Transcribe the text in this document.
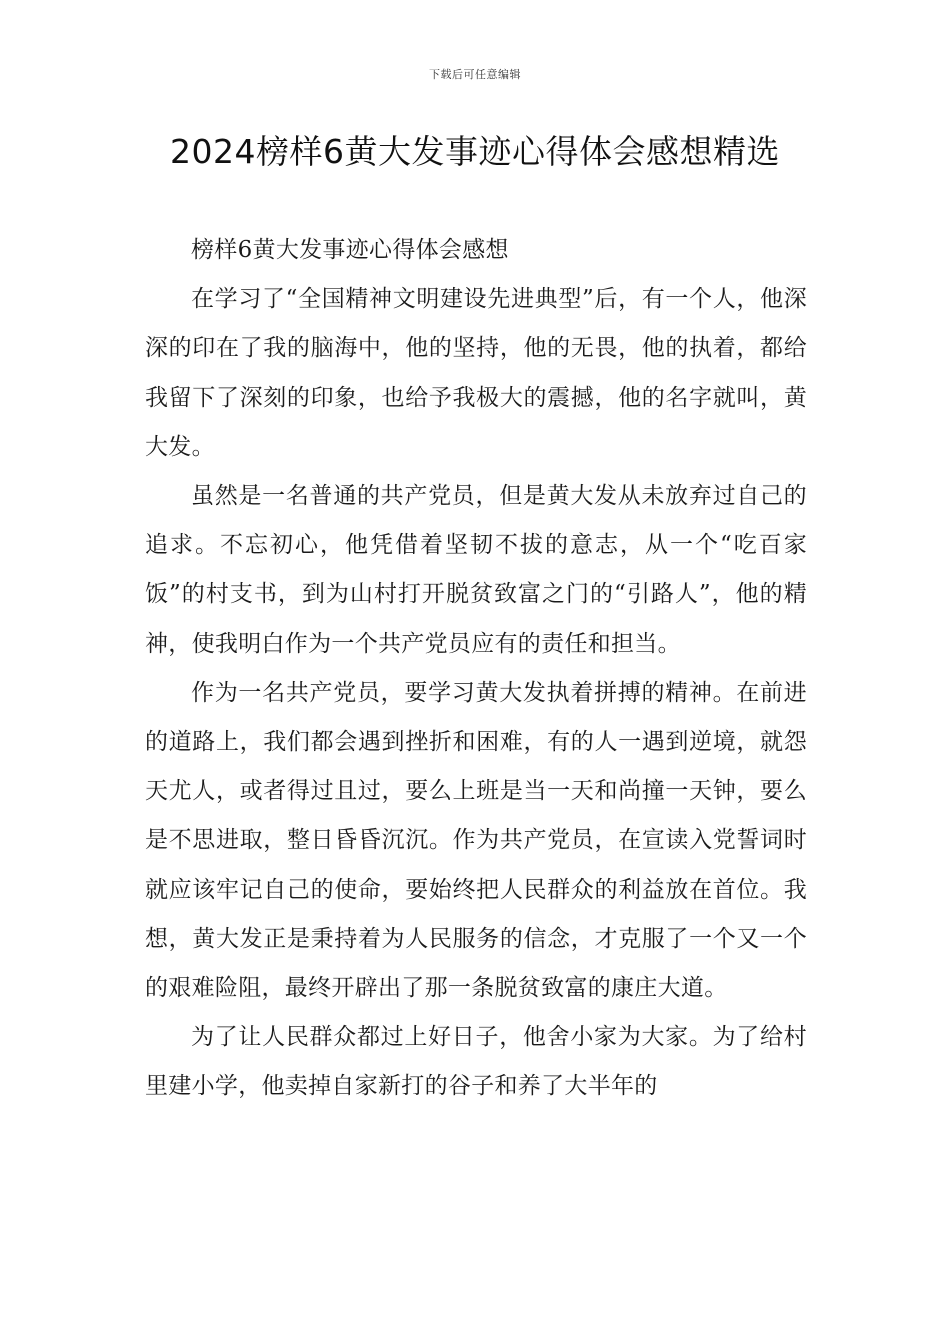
下载后可任意编辑
2024榜样6黄大发事迹心得体会感想精选

榜样6黄大发事迹心得体会感想

在学习了“全国精神文明建设先进典型”后，有一个人，他深深的印在了我的脑海中，他的坚持，他的无畏，他的执着，都给我留下了深刻的印象，也给予我极大的震撼，他的名字就叫，黄大发。

虽然是一名普通的共产党员，但是黄大发从未放弃过自己的追求。不忘初心，他凭借着坚韧不拔的意志，从一个“吃百家饭”的村支书，到为山村打开脱贫致富之门的“引路人”，他的精神，使我明白作为一个共产党员应有的责任和担当。

作为一名共产党员，要学习黄大发执着拼搏的精神。在前进的道路上，我们都会遇到挫折和困难，有的人一遇到逆境，就怨天尤人，或者得过且过，要么上班是当一天和尚撞一天钟，要么是不思进取，整日昏昏沉沉。作为共产党员，在宣读入党誓词时就应该牢记自己的使命，要始终把人民群众的利益放在首位。我想，黄大发正是秉持着为人民服务的信念，才克服了一个又一个的艰难险阻，最终开辟出了那一条脱贫致富的康庄大道。

为了让人民群众都过上好日子，他舍小家为大家。为了给村里建小学，他卖掉自家新打的谷子和养了大半年的
